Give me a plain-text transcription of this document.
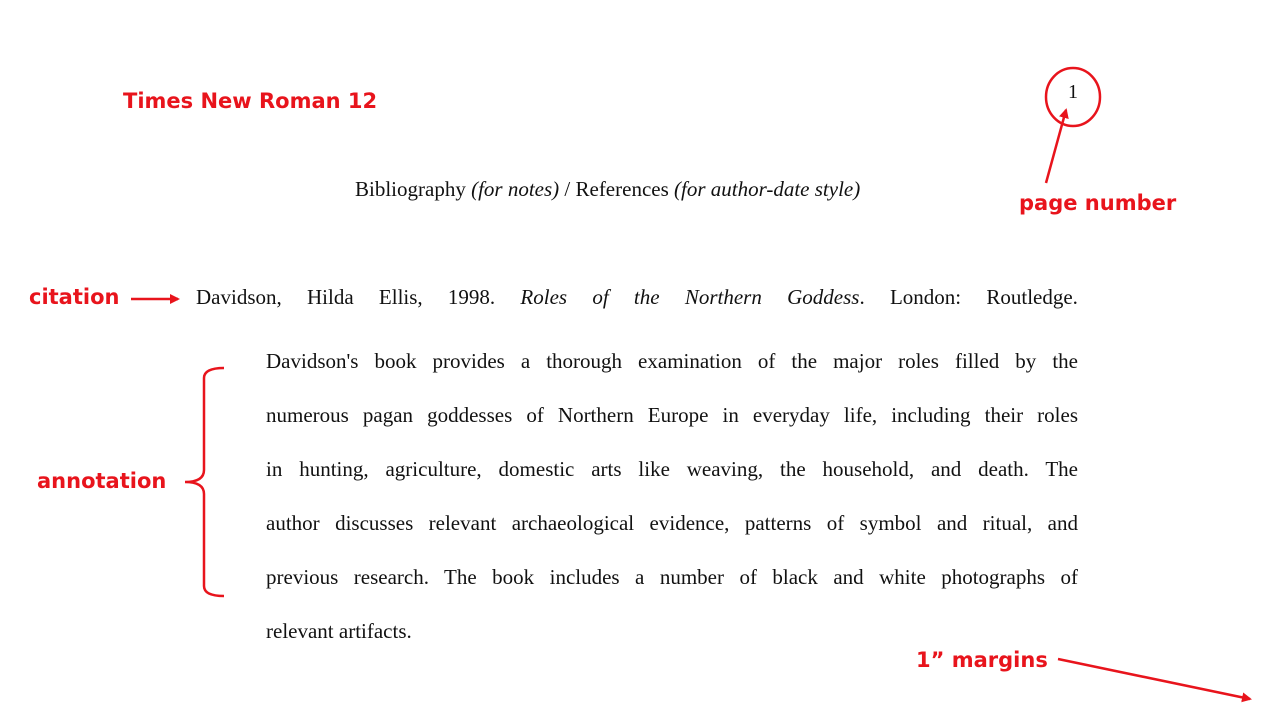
Times New Roman 12
page number
citation
annotation
1” margins
1
Bibliography (for notes) / References (for author-date style)
Davidson, Hilda Ellis, 1998. Roles of the Northern Goddess. London: Routledge.
Davidson's book provides a thorough examination of the major roles filled by the
numerous pagan goddesses of Northern Europe in everyday life, including their roles
in hunting, agriculture, domestic arts like weaving, the household, and death. The
author discusses relevant archaeological evidence, patterns of symbol and ritual, and
previous research. The book includes a number of black and white photographs of
relevant artifacts.
